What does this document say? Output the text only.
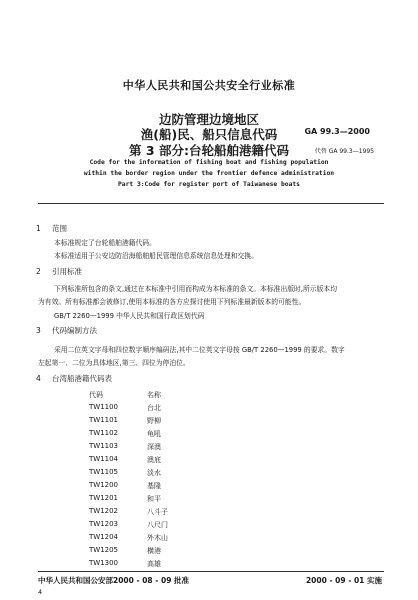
中华人民共和国公共安全行业标准
边防管理边境地区
渔(船)民、船只信息代码	GA 99.3—2000
第 3 部分:台轮船舶港籍代码	代替 GA 99.3—1995
Code for the information of fishing boat and fishing population
within the border region under the frontier defence administration
Part 3:Code for register port of Taiwanese boats
1 范围
本标准规定了台轮船舶港籍代码。
本标准适用于公安边防沿海船舶船民管理信息系统信息处理和交换。
2 引用标准
下列标准所包含的条文,通过在本标准中引用而构成为本标准的条文。本标准出版时,所示版本均
为有效。所有标准都会被修订,使用本标准的各方应探讨使用下列标准最新版本的可能性。
GB/T 2260—1999 中华人民共和国行政区划代码
3 代码编制方法
采用二位英文字母和四位数字顺序编码法,其中二位英文字母按 GB/T 2260—1999 的要求。数字
左起第一、二位为具体地区,第三、四位为停泊位。
4 台湾船港籍代码表
代码	名称
TW1100	台北
TW1101	野柳
TW1102	龟吼
TW1103	深澳
TW1104	澳底
TW1105	淡水
TW1200	基隆
TW1201	和平
TW1202	八斗子
TW1203	八尺门
TW1204	外木山
TW1205	横港
TW1300	高雄
中华人民共和国公安部2000 - 08 - 09 批准	2000 - 09 - 01 实施
4
